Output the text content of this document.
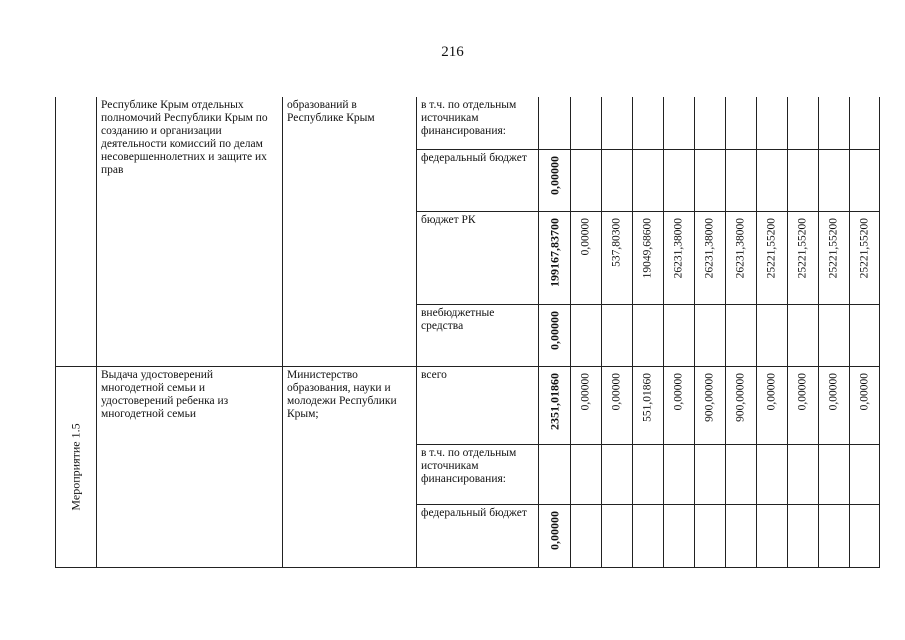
216
	Республике Крым отдельных полномочий Республики Крым по созданию и организации деятельности комиссий по делам несовершеннолетних и защите их прав	образований в Республике Крым	в т.ч. по отдельным источникам финансирования:											
			федеральный бюджет	0,00000										

			бюджет РК	199167,83700	0,00000	537,80300	19049,68600	26231,38000	26231,38000	26231,38000	25221,55200	25221,55200	25221,55200	25221,55200

			внебюджетные средства	0,00000										

Мероприятие 1.5	Выдача удостоверений многодетной семьи и удостоверений ребенка из многодетной семьи	Министерство образования, науки и молодежи Республики Крым;	всего	2351,01860	0,00000	0,00000	551,01860	0,00000	900,00000	900,00000	0,00000	0,00000	0,00000	0,00000

			в т.ч. по отдельным источникам финансирования:											
			федеральный бюджет	0,00000										
